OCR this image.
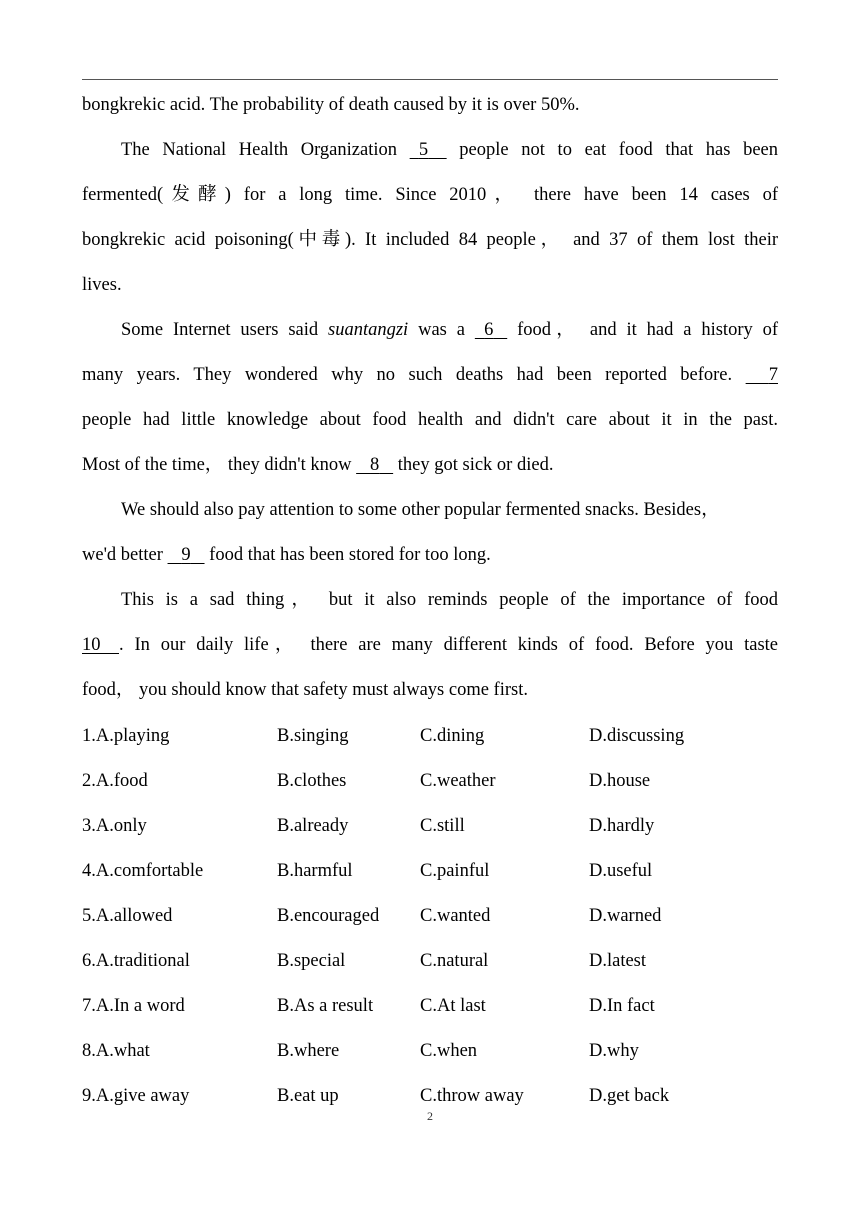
bongkrekic acid. The probability of death caused by it is over 50%.
The National Health Organization 5 people not to eat food that has been
fermented(发酵) for a long time. Since 2010， there have been 14 cases of
bongkrekic acid poisoning(中毒). It included 84 people， and 37 of them lost their
lives.
Some Internet users said suantangzi was a 6 food， and it had a history of
many years. They wondered why no such deaths had been reported before. 7
people had little knowledge about food health and didn't care about it in the past.
Most of the time， they didn't know 8 they got sick or died.
We should also pay attention to some other popular fermented snacks. Besides，
we'd better 9 food that has been stored for too long.
This is a sad thing， but it also reminds people of the importance of food
10 . In our daily life， there are many different kinds of food. Before you taste
food， you should know that safety must always come first.
1.A.playing	B.singing	C.dining	D.discussing
2.A.food	B.clothes	C.weather	D.house
3.A.only	B.already	C.still	D.hardly
4.A.comfortable	B.harmful	C.painful	D.useful
5.A.allowed	B.encouraged C.wanted	D.warned
6.A.traditional	B.special	C.natural	D.latest
7.A.In a word	B.As a result	C.At last	D.In fact
8.A.what	B.where	C.when	D.why
9.A.give away	B.eat up	C.throw away	D.get back
2
